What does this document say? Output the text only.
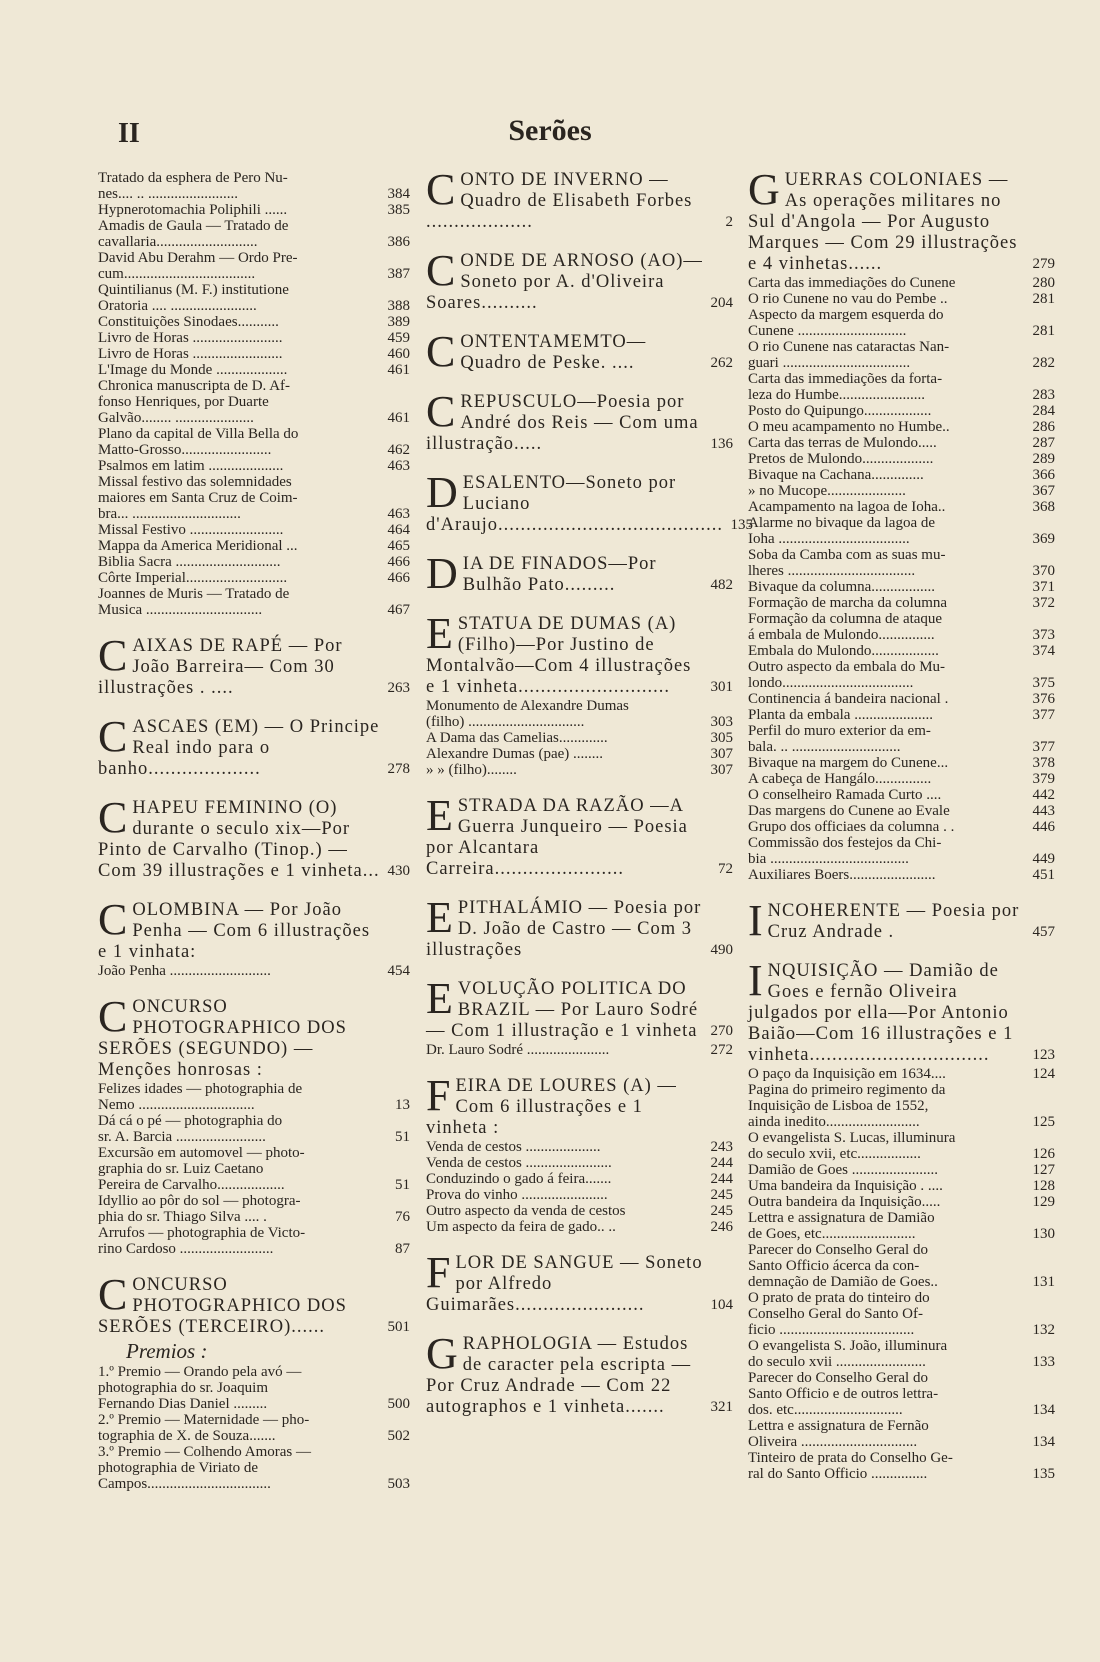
II	Serões
Tratado da esphera de Pero Nu-
nes.... .. ........................	384
Hypnerotomachia Poliphili ......	385
Amadis de Gaula — Tratado de
cavallaria...........................	386
David Abu Derahm — Ordo Pre-
cum...................................	387
Quintilianus (M. F.) institutione
Oratoria .... .......................	388
Constituições Sinodaes...........	389
Livro de Horas ........................	459
Livro de Horas ........................	460
L'Image du Monde ...................	461
Chronica manuscripta de D. Af-
fonso Henriques, por Duarte
Galvão........ .....................	461
Plano da capital de Villa Bella do
Matto-Grosso........................	462
Psalmos em latim ....................	463
Missal festivo das solemnidades
maiores em Santa Cruz de Coim-
bra... .............................	463
Missal Festivo .........................	464
Mappa da America Meridional ...	465
Biblia Sacra ............................	466
Côrte Imperial...........................	466
Joannes de Muris — Tratado de
Musica ...............................	467
CAIXAS DE RAPÉ — Por João Barreira— Com 30 illustrações . ....	263
CASCAES (EM) — O Principe Real indo para o banho....................	278
CHAPEU FEMININO (O) durante o seculo xix—Por Pinto de Carvalho (Tinop.) — Com 39 illustrações e 1 vinheta... 430
COLOMBINA — Por João Penha — Com 6 illustrações e 1 vinhata:
João Penha ...........................	454
CONCURSO PHOTOGRAPHICO DOS SERÕES (SEGUNDO) — Menções honrosas :
Felizes idades — photographia de
Nemo ...............................	13
Dá cá o pé — photographia do
sr. A. Barcia ........................	51
Excursão em automovel — photo-
graphia do sr. Luiz Caetano
Pereira de Carvalho..................	51
Idyllio ao pôr do sol — photogra-
phia do sr. Thiago Silva .... .	76
Arrufos — photographia de Victo-
rino Cardoso .........................	87
CONCURSO PHOTOGRAPHICO DOS SERÕES (TERCEIRO)......	501
Premios :
1.º Premio — Orando pela avó —
photographia do sr. Joaquim
Fernando Dias Daniel .........	500
2.º Premio — Maternidade — pho-
tographia de X. de Souza.......	502
3.º Premio — Colhendo Amoras —
photographia de Viriato de
Campos.................................	503
CONTO DE INVERNO — Quadro de Elisabeth Forbes ...................	2
CONDE DE ARNOSO (AO)—Soneto por A. d'Oliveira Soares..........	204
CONTENTAMEMTO— Quadro de Peske. ....	262
CREPUSCULO—Poesia por André dos Reis — Com uma illustração.....	136
DESALENTO—Soneto por Luciano d'Araujo........................................ 135
DIA DE FINADOS—Por Bulhão Pato.........	482
ESTATUA DE DUMAS (A) (Filho)—Por Justino de Montalvão—Com 4 illustrações e 1 vinheta...........................	301
Monumento de Alexandre Dumas
(filho) ...............................	303
A Dama das Camelias.............	305
Alexandre Dumas (pae) ........	307
» » (filho)........	307
ESTRADA DA RAZÃO —A Guerra Junqueiro — Poesia por Alcantara Carreira.......................	72
EPITHALÁMIO — Poesia por D. João de Castro — Com 3 illustrações	490
EVOLUÇÃO POLITICA DO BRAZIL — Por Lauro Sodré — Com 1 illustração e 1 vinheta 270
Dr. Lauro Sodré ......................	272
FEIRA DE LOURES (A) —Com 6 illustrações e 1 vinheta :
Venda de cestos ....................	243
Venda de cestos .......................	244
Conduzindo o gado á feira.......	244
Prova do vinho .......................	245
Outro aspecto da venda de cestos	245
Um aspecto da feira de gado.. ..	246
FLOR DE SANGUE — Soneto por Alfredo Guimarães.......................	104
GRAPHOLOGIA — Estudos de caracter pela escripta — Por Cruz Andrade — Com 22 autographos e 1 vinheta.......	321
GUERRAS COLONIAES — As operações militares no Sul d'Angola — Por Augusto Marques — Com 29 illustrações e 4 vinhetas......	279
Carta das immediações do Cunene	280
O rio Cunene no vau do Pembe ..	281
Aspecto da margem esquerda do
Cunene .............................	281
O rio Cunene nas cataractas Nan-
guari ..................................	282
Carta das immediações da forta-
leza do Humbe.......................	283
Posto do Quipungo..................	284
O meu acampamento no Humbe..	286
Carta das terras de Mulondo.....	287
Pretos de Mulondo...................	289
Bivaque na Cachana..............	366
» no Mucope.....................	367
Acampamento na lagoa de Ioha..	368
Alarme no bivaque da lagoa de
Ioha ...................................	369
Soba da Camba com as suas mu-
lheres ..................................	370
Bivaque da columna.................	371
Formação de marcha da columna	372
Formação da columna de ataque
á embala de Mulondo...............	373
Embala do Mulondo..................	374
Outro aspecto da embala do Mu-
londo...................................	375
Continencia á bandeira nacional .	376
Planta da embala .....................	377
Perfil do muro exterior da em-
bala. .. .............................	377
Bivaque na margem do Cunene...	378
A cabeça de Hangálo...............	379
O conselheiro Ramada Curto ....	442
Das margens do Cunene ao Evale	443
Grupo dos officiaes da columna . .	446
Commissão dos festejos da Chi-
bia .....................................	449
Auxiliares Boers.......................	451
INCOHERENTE — Poesia por Cruz Andrade .	457
INQUISIÇÃO — Damião de Goes e fernão Oliveira julgados por ella—Por Antonio Baião—Com 16 illustrações e 1 vinheta................................	123
O paço da Inquisição em 1634....	124
Pagina do primeiro regimento da
Inquisição de Lisboa de 1552,
ainda inedito.........................	125
O evangelista S. Lucas, illuminura
do seculo xvii, etc.................	126
Damião de Goes .......................	127
Uma bandeira da Inquisição . ....	128
Outra bandeira da Inquisição.....	129
Lettra e assignatura de Damião
de Goes, etc.........................	130
Parecer do Conselho Geral do
Santo Officio ácerca da con-
demnação de Damião de Goes..	131
O prato de prata do tinteiro do
Conselho Geral do Santo Of-
ficio ....................................	132
O evangelista S. João, illuminura
do seculo xvii ........................	133
Parecer do Conselho Geral do
Santo Officio e de outros lettra-
dos. etc.............................	134
Lettra e assignatura de Fernão
Oliveira ...............................	134
Tinteiro de prata do Conselho Ge-
ral do Santo Officio ...............	135
